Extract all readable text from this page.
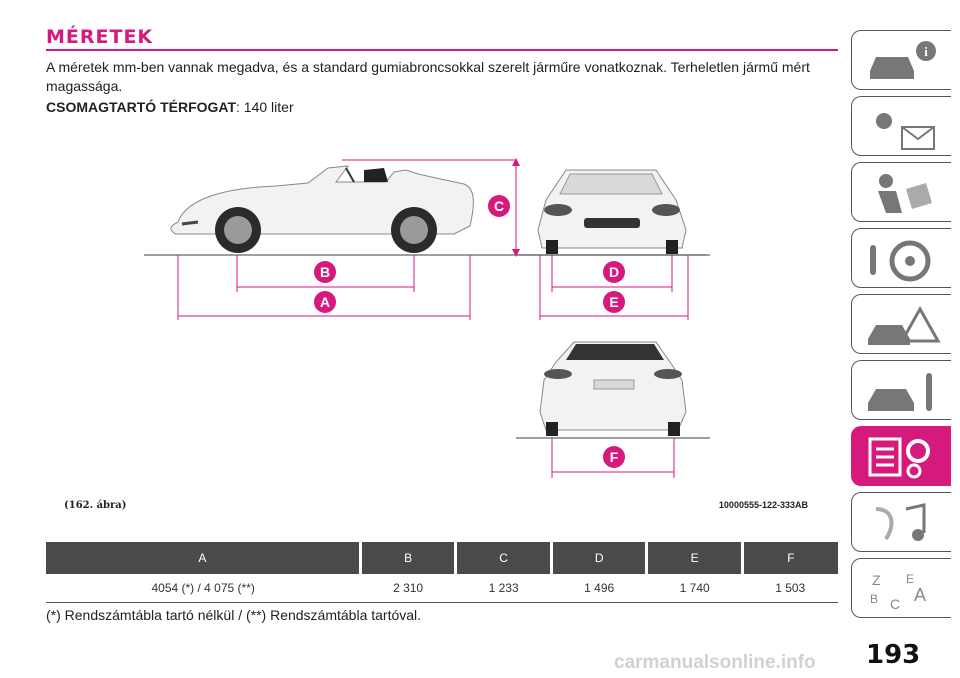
MÉRETEK
A méretek mm-ben vannak megadva, és a standard gumiabroncsokkal szerelt járműre vonatkoznak. Terheletlen jármű mért magassága.
CSOMAGTARTÓ TÉRFOGAT: 140 liter
C
B
A
D
E
F
(162. ábra)	10000555-122-333AB
A	B	C	D	E	F
4054 (*) / 4 075 (**)	2 310	1 233	1 496	1 740	1 503
(*) Rendszámtábla tartó nélkül / (**) Rendszámtábla tartóval.
193
carmanualsonline.info
i
Z E
B A
C
